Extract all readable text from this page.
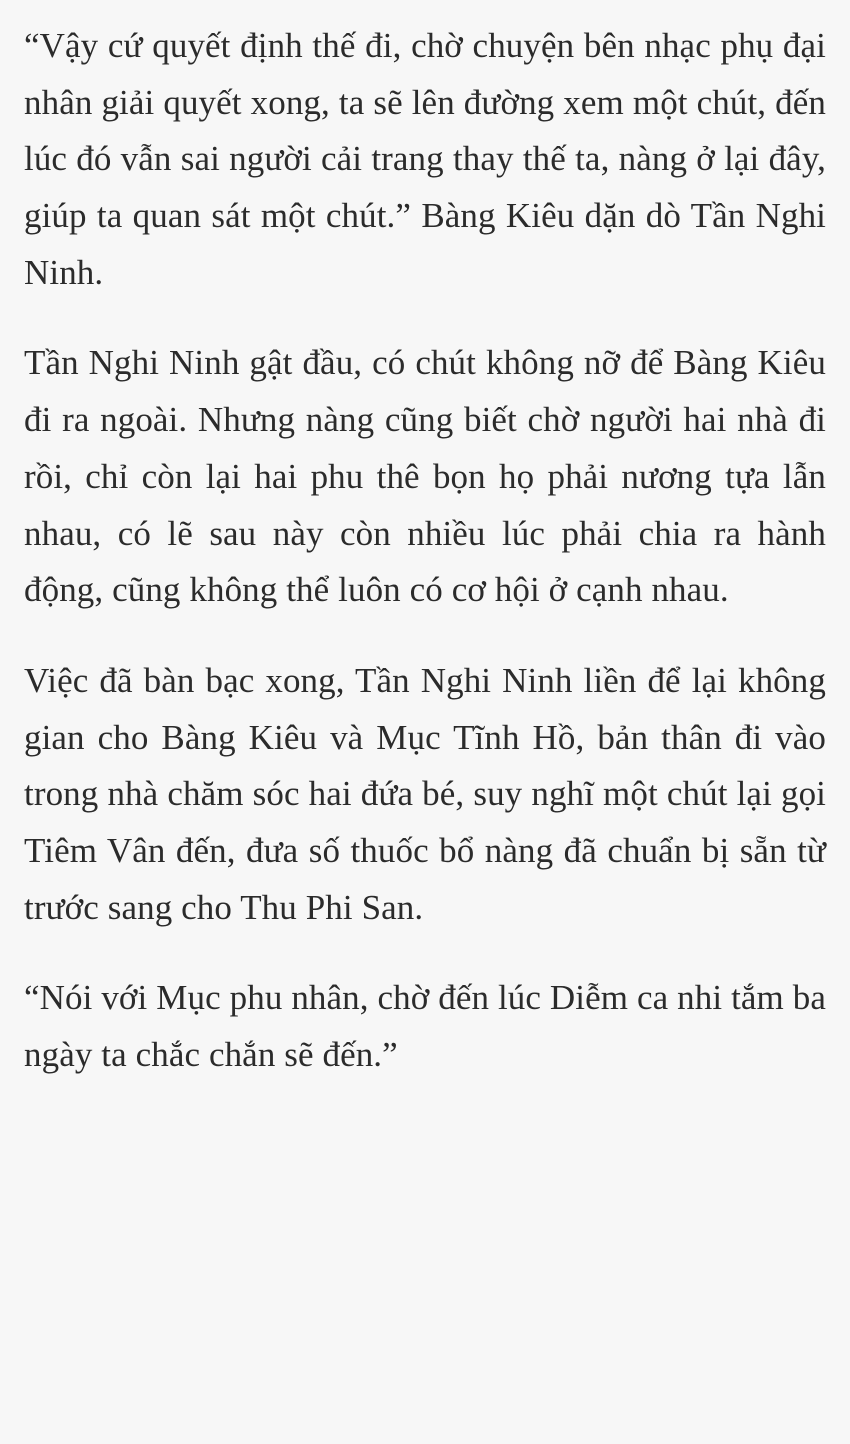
“Vậy cứ quyết định thế đi, chờ chuyện bên nhạc phụ đại nhân giải quyết xong, ta sẽ lên đường xem một chút, đến lúc đó vẫn sai người cải trang thay thế ta, nàng ở lại đây, giúp ta quan sát một chút.” Bàng Kiêu dặn dò Tần Nghi Ninh.

Tần Nghi Ninh gật đầu, có chút không nỡ để Bàng Kiêu đi ra ngoài. Nhưng nàng cũng biết chờ người hai nhà đi rồi, chỉ còn lại hai phu thê bọn họ phải nương tựa lẫn nhau, có lẽ sau này còn nhiều lúc phải chia ra hành động, cũng không thể luôn có cơ hội ở cạnh nhau.

Việc đã bàn bạc xong, Tần Nghi Ninh liền để lại không gian cho Bàng Kiêu và Mục Tĩnh Hồ, bản thân đi vào trong nhà chăm sóc hai đứa bé, suy nghĩ một chút lại gọi Tiêm Vân đến, đưa số thuốc bổ nàng đã chuẩn bị sẵn từ trước sang cho Thu Phi San.

“Nói với Mục phu nhân, chờ đến lúc Diễm ca nhi tắm ba ngày ta chắc chắn sẽ đến.”
